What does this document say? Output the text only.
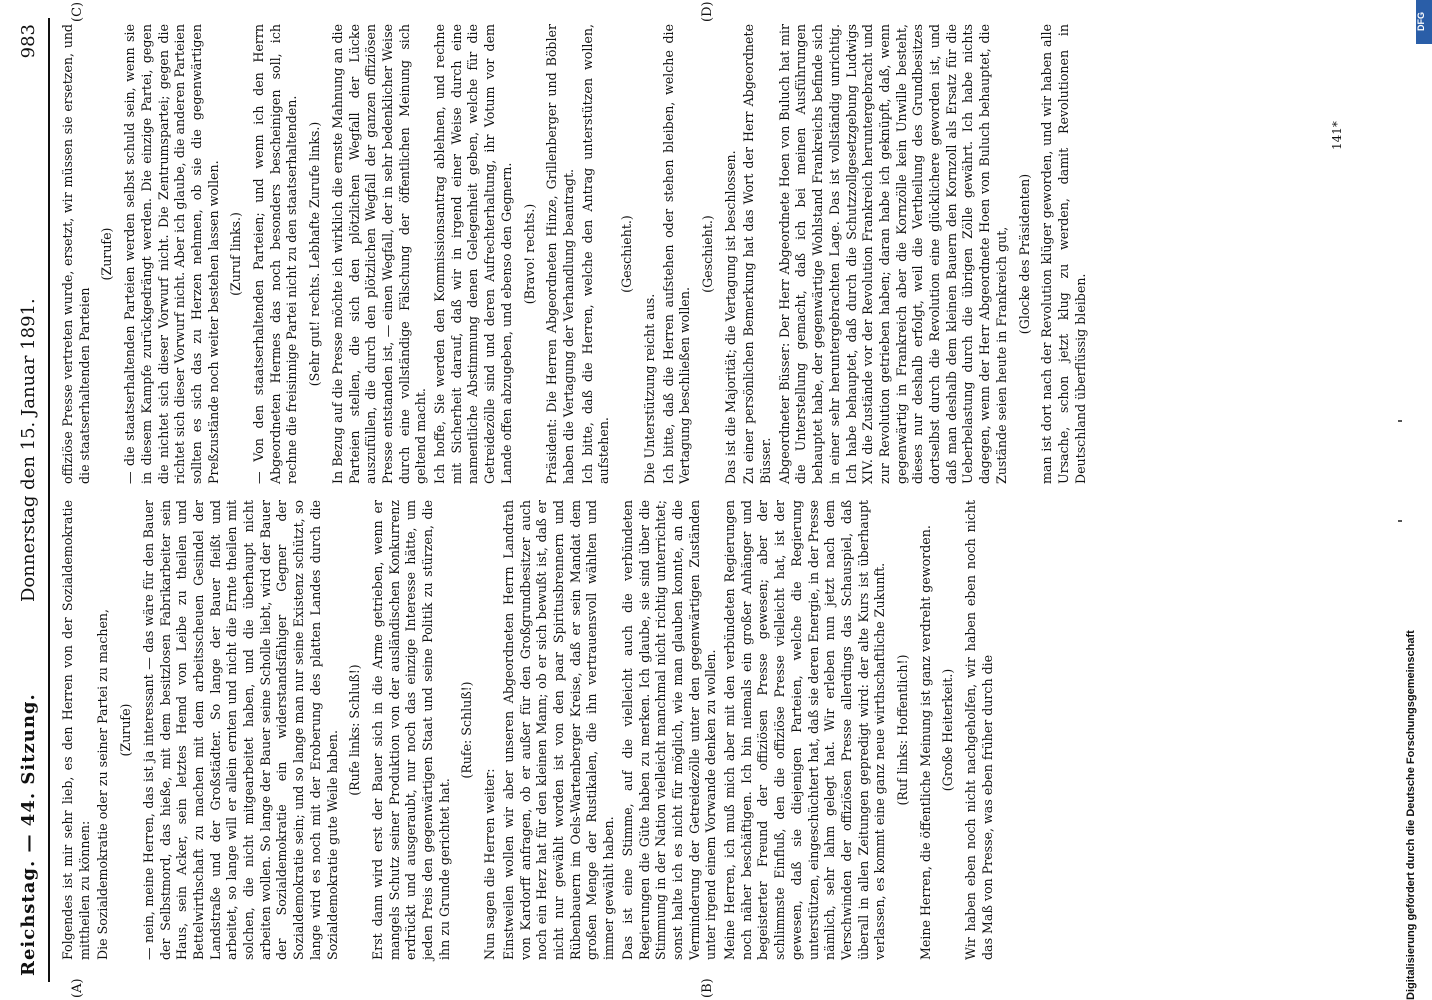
Reichstag. — 44. Sitzung.
Donnerstag den 15. Januar 1891.
983
(A)	(B)
(C)	(D)

Folgendes ist mir sehr lieb, es den Herren von der Sozialdemokratie mittheilen zu können: Die Sozialdemokratie oder zu seiner Partei zu machen, (Zurufe) — nein, meine Herren, das ist ja interessant — das wäre für den Bauer der Selbstmord, das hieße, mit dem besitzlosen Fabrikarbeiter sein Haus, sein Acker, sein letztes Hemd von Leibe zu theilen und Bettelwirthschaft zu machen mit dem arbeitsscheuen Gesindel der Landstraße und der Großstädter. So lange der Bauer fleißt und arbeitet, so lange will er allein ernten und nicht die Ernte theilen mit solchen, die nicht mitgearbeitet haben, und die überhaupt nicht arbeiten wollen. So lange der Bauer seine Scholle liebt, wird der Bauer der Sozialdemokratie ein widerstandsfähiger Gegner der Sozialdemokratie sein; und so lange man nur seine Existenz schützt, so lange wird es noch mit der Eroberung des platten Landes durch die Sozialdemokratie gute Weile haben.

(Rufe links: Schluß!) Erst dann wird erst der Bauer sich in die Arme getrieben, wenn er mangels Schutz seiner Produktion von der ausländischen Konkurrenz erdrückt und ausgeraubt, nur noch das einzige Interesse hätte, um jeden Preis den gegenwärtigen Staat und seine Politik zu stürzen, die ihn zu Grunde gerichtet hat.

(Rufe: Schluß!)

Nun sagen die Herren weiter: Einstweilen wollen wir aber unseren Abgeordneten Herrn Landrath von Kardorff anfragen, ob er außer für den Großgrundbesitzer auch noch ein Herz hat für den kleinen Mann; ob er sich bewußt ist, daß er nicht nur gewählt worden ist von den paar Spiritusbrennern und Rübenbauern im Oels-Wartenberger Kreise, daß er sein Mandat dem großen Menge der Rustikalen, die ihn vertrauensvoll wählten und immer gewählt haben. Das ist eine Stimme, auf die vielleicht auch die verbündeten Regierungen die Güte haben zu merken. Ich glaube, sie sind über die Stimmung in der Nation vielleicht manchmal nicht richtig unterrichtet; sonst halte ich es nicht für möglich, wie man glauben konnte, an die Verminderung der Getreidezölle unter den gegenwärtigen Zuständen unter irgend einem Vorwande denken zu wollen. Meine Herren, ich muß mich aber mit den verbündeten Regierungen noch näher beschäftigen. Ich bin niemals ein großer Anhänger und begeisterter Freund der offiziösen Presse gewesen; aber der schlimmste Einfluß, den die offiziöse Presse vielleicht hat, ist der gewesen, daß sie diejenigen Parteien, welche die Regierung unterstützen, eingeschüchtert hat, daß sie deren Energie, in der Presse nämlich, sehr lahm gelegt hat. Wir erleben nun jetzt nach dem Verschwinden der offiziösen Presse allerdings das Schauspiel, daß überall in allen Zeitungen gepredigt wird: der alte Kurs ist überhaupt verlassen, es kommt eine ganz neue wirthschaftliche Zukunft. (Ruf links: Hoffentlich!) Meine Herren, die öffentliche Meinung ist ganz verdreht geworden. (Große Heiterkeit.) Wir haben eben noch nicht nachgeholfen, wir haben eben noch nicht das Maß von Presse, was eben früher durch die

offiziöse Presse vertreten wurde, ersetzt, wir müssen sie ersetzen, und die staatserhaltenden Parteien

(Zurufe) — die staatserhaltenden Parteien werden selbst schuld sein, wenn sie in diesem Kampfe zurückgedrängt werden. Die einzige Partei, gegen die nichtet sich dieser Vorwurf nicht. Die Zentrumspartei; gegen die richtet sich dieser Vorwurf nicht. Aber ich glaube, die anderen Parteien sollten es sich das zu Herzen nehmen, ob sie die gegenwärtigen Preßzustände noch weiter bestehen lassen wollen. (Zuruf links.) — Von den staatserhaltenden Parteien; und wenn ich den Herrn Abgeordneten Hermes das noch besonders bescheinigen soll, ich rechne die freisinnige Partei nicht zu den staatserhaltenden. (Sehr gut! rechts. Lebhafte Zurufe links.) In Bezug auf die Presse möchte ich wirklich die ernste Mahnung an die Parteien stellen, die sich den plötzlichen Wegfall der Lücke auszufüllen, die durch den plötzlichen Wegfall der ganzen offiziösen Presse entstanden ist, — einen Wegfall, der in sehr bedenklicher Weise durch eine vollständige Fälschung der öffentlichen Meinung sich geltend macht. Ich hoffe, Sie werden den Kommissionsantrag ablehnen, und rechne mit Sicherheit darauf, daß wir in irgend einer Weise durch eine namentliche Abstimmung denen Gelegenheit geben, welche für die Getreidezölle sind und deren Aufrechterhaltung, ihr Votum vor dem Lande offen abzugeben, und ebenso den Gegnern. (Bravo! rechts.) Präsident: Die Herren Abgeordneten Hinze, Grillenberger und Böbler haben die Vertagung der Verhandlung beantragt. Ich bitte, daß die Herren, welche den Antrag unterstützen wollen, aufstehen.

(Geschieht.)

Die Unterstützung reicht aus. Ich bitte, daß die Herren aufstehen oder stehen bleiben, welche die Vertagung beschließen wollen.

(Geschieht.) Das ist die Majorität; die Vertagung ist beschlossen. Zu einer persönlichen Bemerkung hat das Wort der Herr Abgeordnete Büsser. Abgeordneter Büsser: Der Herr Abgeordnete Hoen von Buluch hat mir die Unterstellung gemacht, daß ich bei meinen Ausführungen behauptet habe, der gegenwärtige Wohlstand Frankreichs befinde sich in einer sehr heruntergebrachten Lage. Das ist vollständig unrichtig. Ich habe behauptet, daß durch die Schutzzollgesetzgebung Ludwigs XIV. die Zustände vor der Revolution Frankreich heruntergebracht und zur Revolution getrieben haben; daran habe ich geknüpft, daß, wenn gegenwärtig in Frankreich aber die Kornzölle kein Unwille besteht, dieses nur deshalb erfolgt, weil die Vertheilung des Grundbesitzes dortselbst durch die Revolution eine glücklichere geworden ist, und daß man deshalb dem kleinen Bauern den Kornzoll als Ersatz für die Ueberbelastung durch die übrigen Zölle gewährt. Ich habe nichts dagegen, wenn der Herr Abgeordnete Hoen von Buluch behauptet, die Zustände seien heute in Frankreich gut, (Glocke des Präsidenten) man ist dort nach der Revolution klüger geworden, und wir haben alle Ursache, schon jetzt klug zu werden, damit Revolutionen in Deutschland überflüssig bleiben.

141*
DFG
Digitalisierung gefördert durch die Deutsche Forschungsgemeinschaft
